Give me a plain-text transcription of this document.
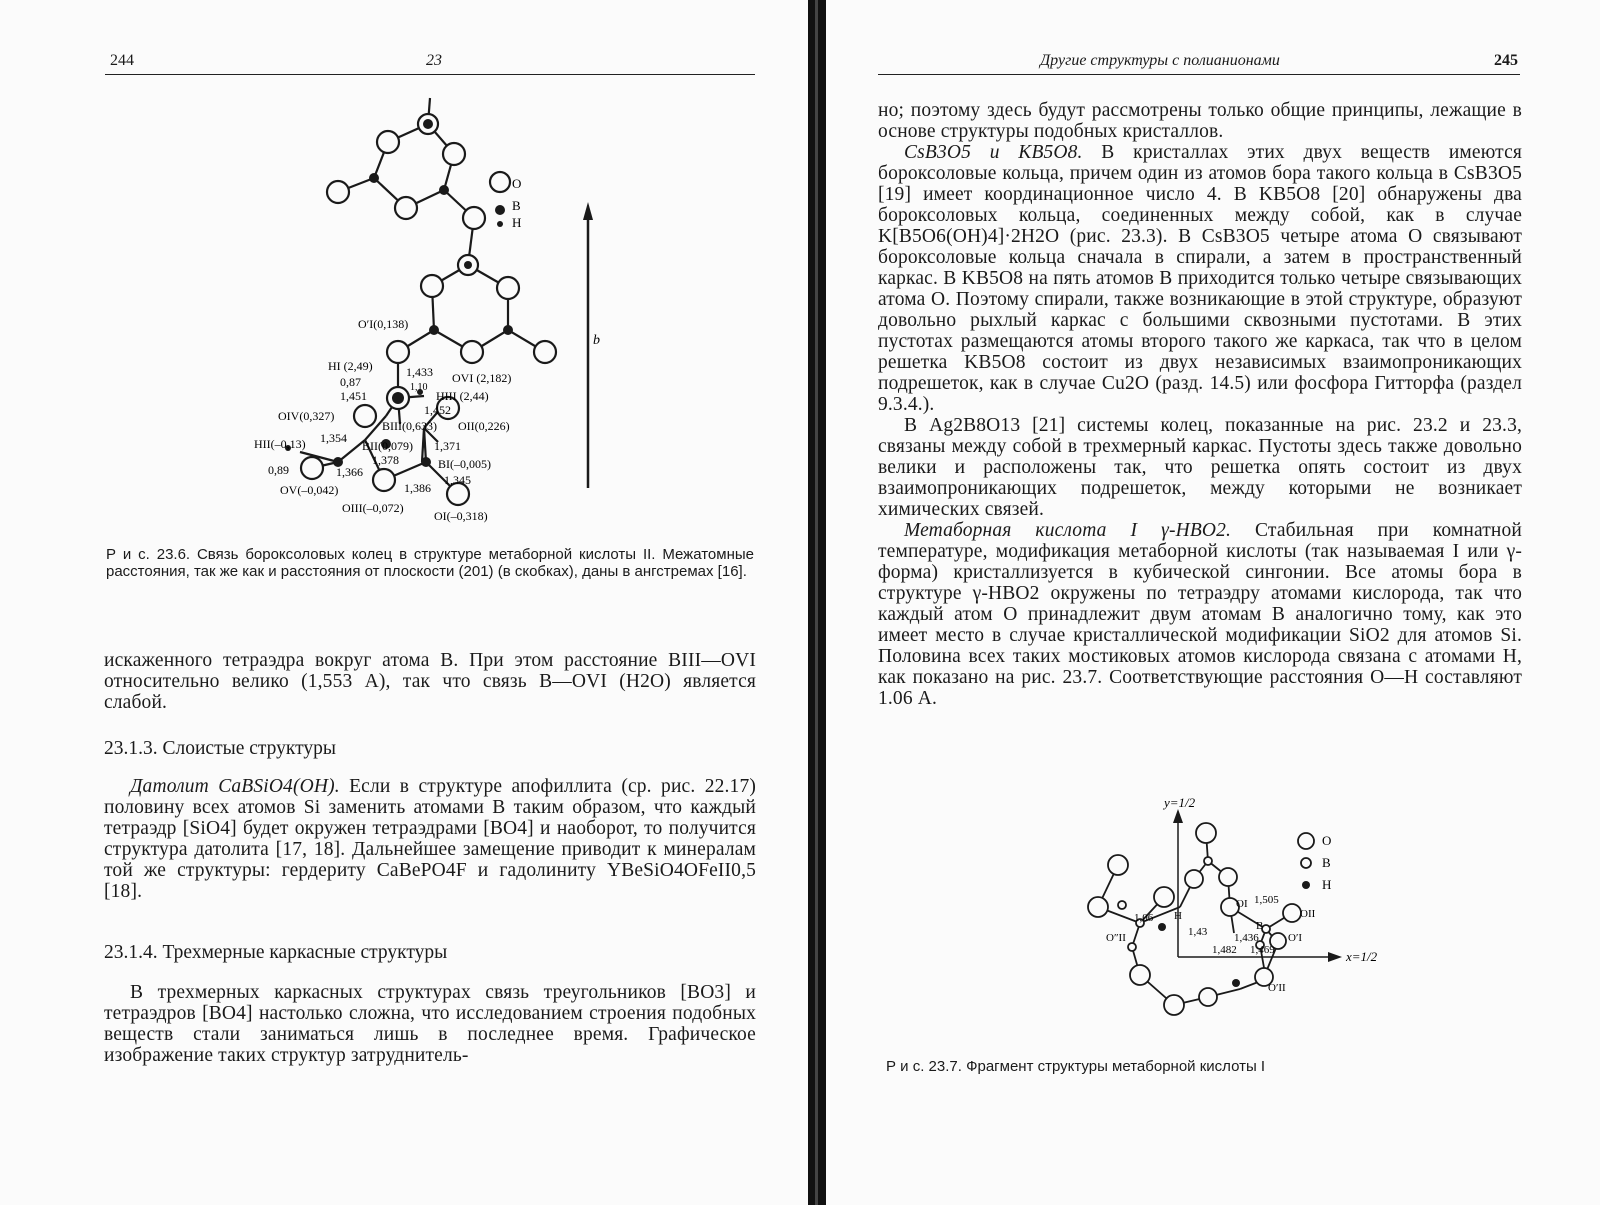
244	23
O
B
H
b
O′I(0,138)
HI (2,49)	1,433 OVI (2,182)
0,87	1,10
1,451	HIII (2,44)
1,452
OIV(0,327)
BIII(0,633) OII(0,226)
HII(–0,13) 1,354
BII(0,079) 1,371
0,89
1,378	BI(–0,005)
1,366
1,345
OV(–0,042)	1,386
OIII(–0,072)
OI(–0,318)
Р и с. 23.6. Связь бороксоловых колец в структуре метаборной кислоты II. Межатомные расстояния, так же как и расстояния от плоскости (201) (в скобках), даны в ангстремах [16].

искаженного тетраэдра вокруг атома В. При этом расстояние BIII—OVI относительно велико (1,553 А), так что связь В—OVI (H2O) является слабой.

23.1.3. Слоистые структуры

Датолит CaBSiO4(OH). Если в структуре апофиллита (ср. рис. 22.17) половину всех атомов Si заменить атомами В таким образом, что каждый тетраэдр [SiO4] будет окружен тетраэдрами [BO4] и наоборот, то получится структура датолита [17, 18]. Дальнейшее замещение приводит к минералам той же структуры: гердериту CaBePO4F и гадолиниту YBeSiO4OFeII0,5 [18].

23.1.4. Трехмерные каркасные структуры

В трехмерных каркасных структурах связь треугольников [BO3] и тетраэдров [BO4] настолько сложна, что исследованием строения подобных веществ стали заниматься лишь в последнее время. Графическое изображение таких структур затруднитель-

Другие структуры с полианионами	245

но; поэтому здесь будут рассмотрены только общие принципы, лежащие в основе структуры подобных кристаллов.

CsB3O5 и KB5O8. В кристаллах этих двух веществ имеются бороксоловые кольца, причем один из атомов бора такого кольца в CsB3O5 [19] имеет координационное число 4. В KB5O8 [20] обнаружены два бороксоловых кольца, соединенных между собой, как в случае K[B5O6(OH)4]·2H2O (рис. 23.3). В CsB3O5 четыре атома O связывают бороксоловые кольца сначала в спирали, а затем в пространственный каркас. В KB5O8 на пять атомов В приходится только четыре связывающих атома O. Поэтому спирали, также возникающие в этой структуре, образуют довольно рыхлый каркас с большими сквозными пустотами. В этих пустотах размещаются атомы второго такого же каркаса, так что в целом решетка KB5O8 состоит из двух независимых взаимопроникающих подрешеток, как в случае Cu2O (разд. 14.5) или фосфора Гитторфа (раздел 9.3.4.).

В Ag2B8O13 [21] системы колец, показанные на рис. 23.2 и 23.3, связаны между собой в трехмерный каркас. Пустоты здесь также довольно велики и расположены так, что решетка опять состоит из двух взаимопроникающих подрешеток, между которыми не возникает химических связей.

Метаборная кислота I γ-HBO2. Стабильная при комнатной температуре, модификация метаборной кислоты (так называемая I или γ-форма) кристаллизуется в кубической сингонии. Все атомы бора в структуре γ-HBO2 окружены по тетраэдру атомами кислорода, так что каждый атом O принадлежит двум атомам В аналогично тому, как это имеет место в случае кристаллической модификации SiO2 для атомов Si. Половина всех таких мостиковых атомов кислорода связана с атомами H, как показано на рис. 23.7. Соответствующие расстояния O—H составляют 1.06 А.

y=1/2
x=1/2
O
B
H
OI 1,505
1,06 H
B
OII
O″II	1,43 1,436	O′I
1,482 1,469
O′II
Р и с. 23.7. Фрагмент структуры метаборной кислоты I
